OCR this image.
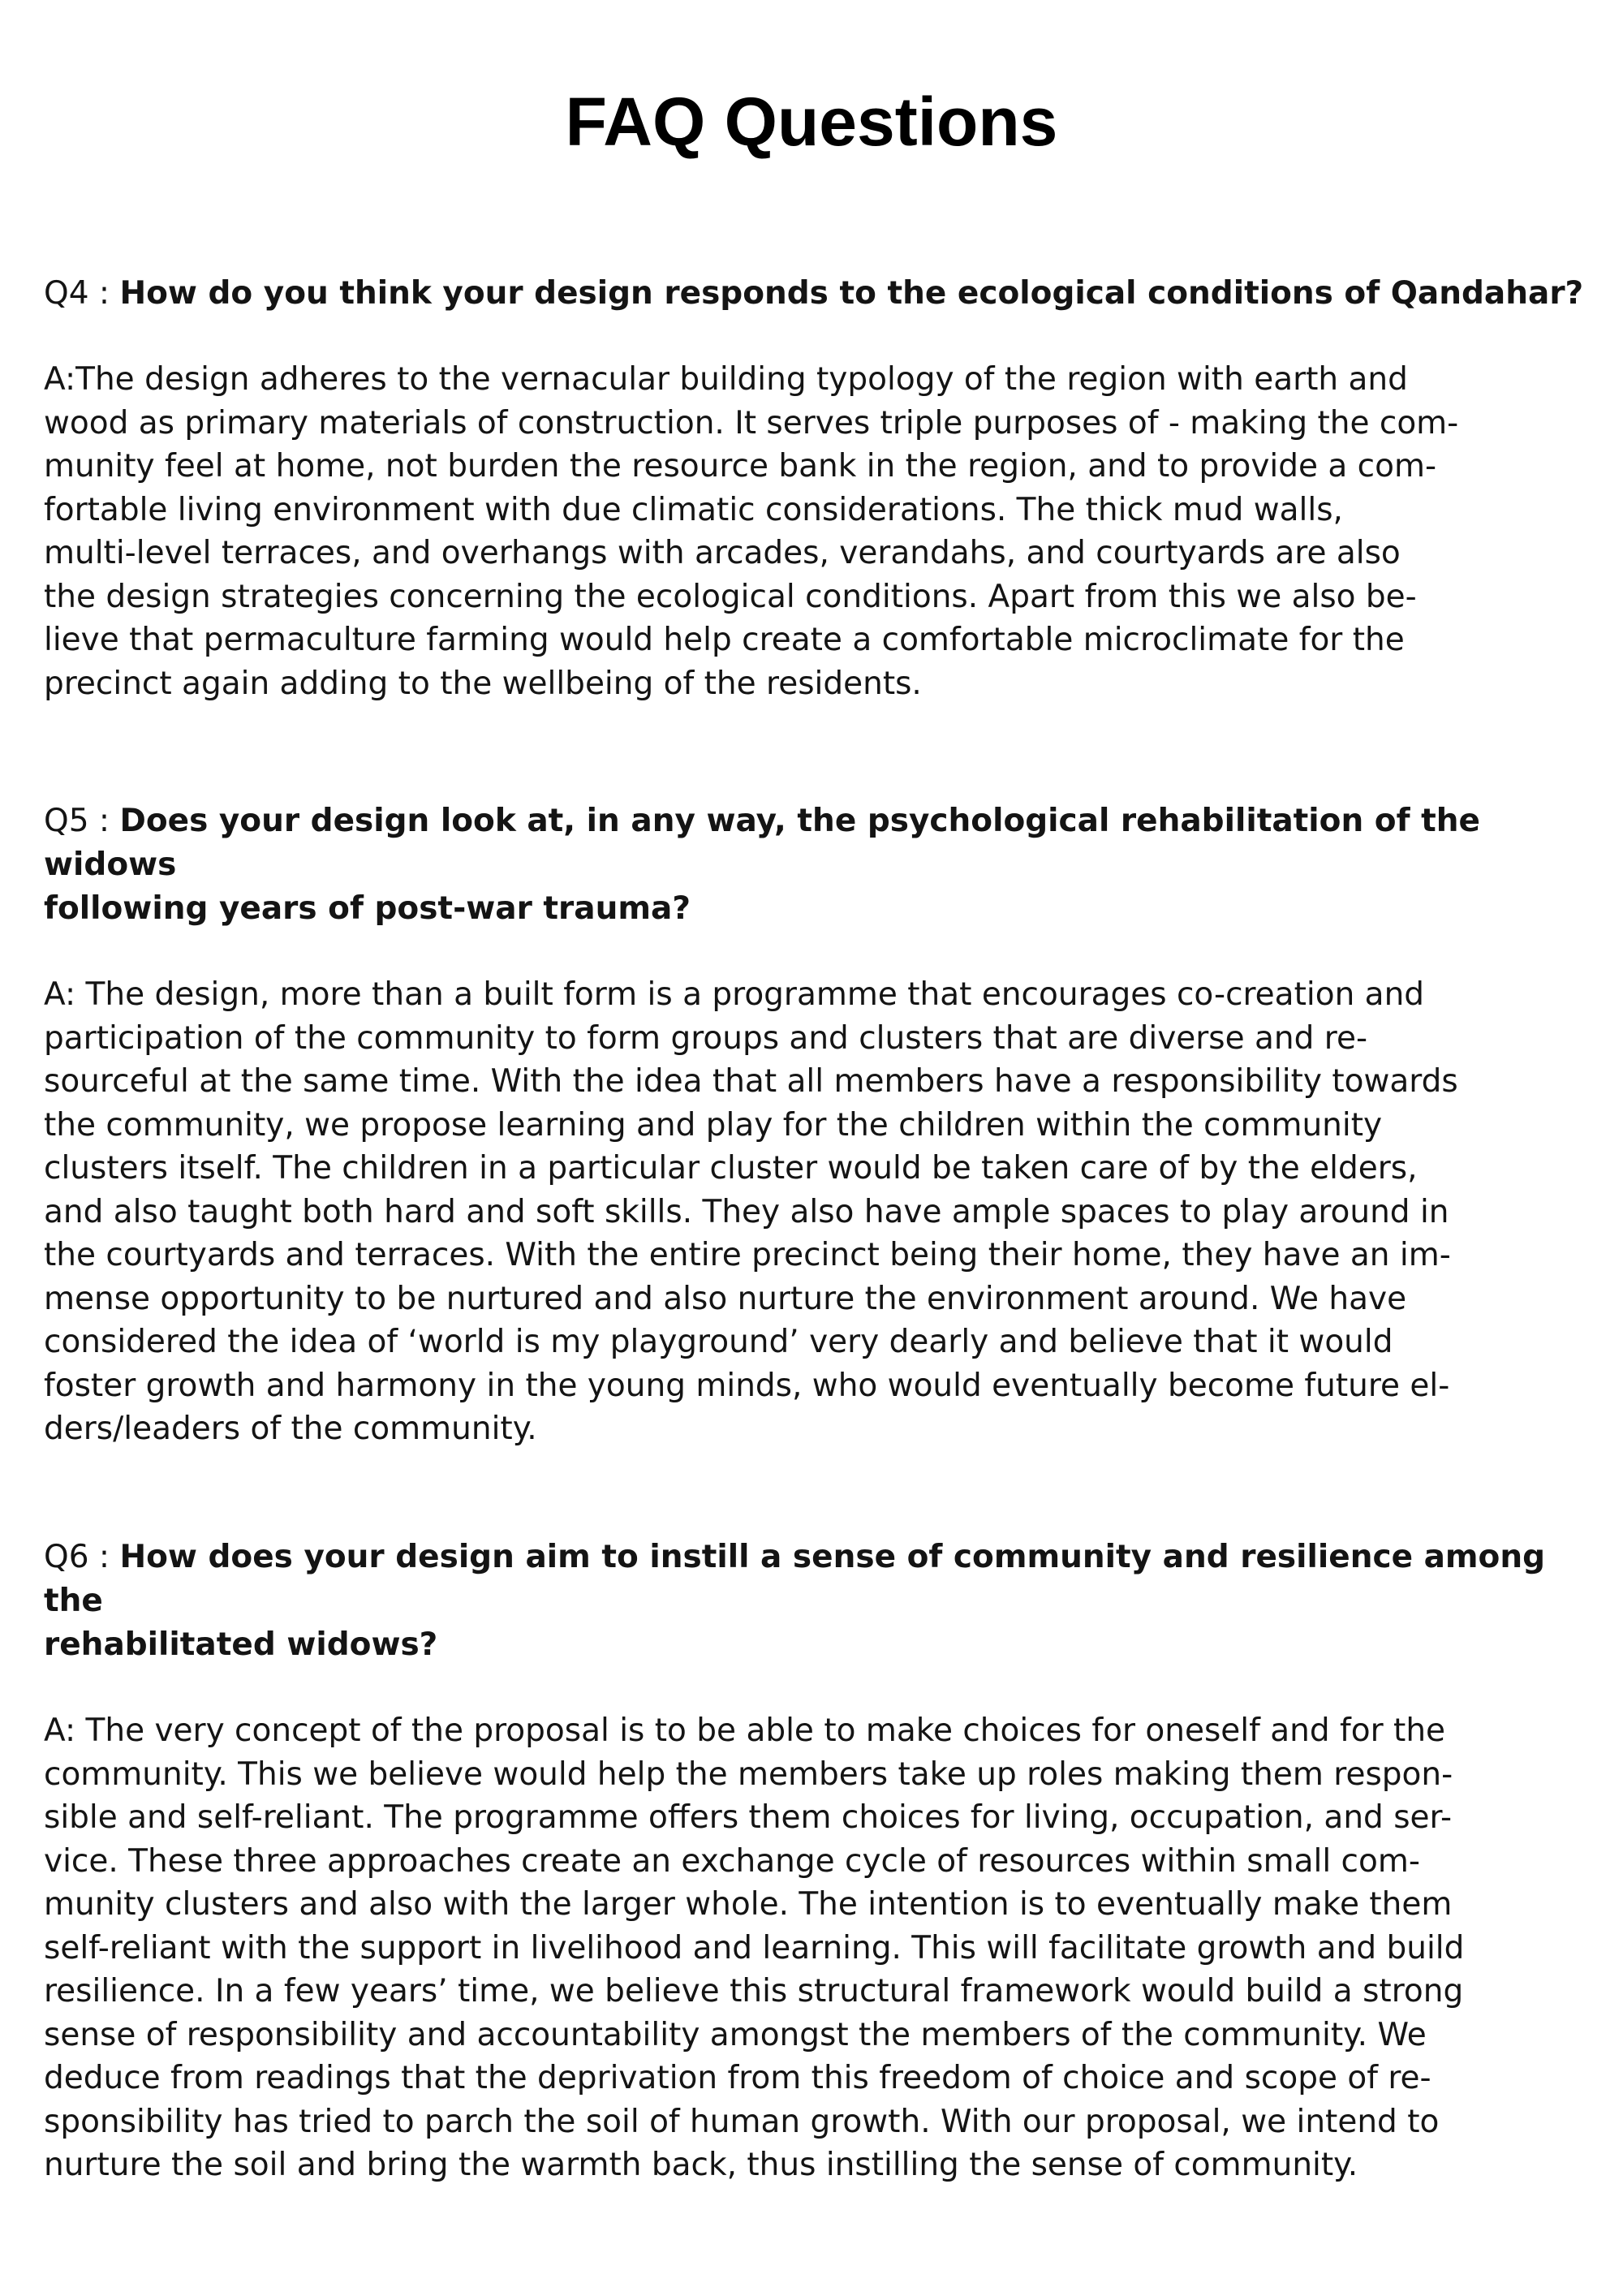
FAQ Questions

Q4 : How do you think your design responds to the ecological conditions of Qandahar?

A:The design adheres to the vernacular building typology of the region with earth and
wood as primary materials of construction. It serves triple purposes of - making the com-
munity feel at home, not burden the resource bank in the region, and to provide a com-
fortable living environment with due climatic considerations. The thick mud walls,
multi-level terraces, and overhangs with arcades, verandahs, and courtyards are also
the design strategies concerning the ecological conditions. Apart from this we also be-
lieve that permaculture farming would help create a comfortable microclimate for the
precinct again adding to the wellbeing of the residents.

Q5 : Does your design look at, in any way, the psychological rehabilitation of the widows
following years of post-war trauma?

A: The design, more than a built form is a programme that encourages co-creation and
participation of the community to form groups and clusters that are diverse and re-
sourceful at the same time. With the idea that all members have a responsibility towards
the community, we propose learning and play for the children within the community
clusters itself. The children in a particular cluster would be taken care of by the elders,
and also taught both hard and soft skills. They also have ample spaces to play around in
the courtyards and terraces. With the entire precinct being their home, they have an im-
mense opportunity to be nurtured and also nurture the environment around. We have
considered the idea of ‘world is my playground’ very dearly and believe that it would
foster growth and harmony in the young minds, who would eventually become future el-
ders/leaders of the community.

Q6 : How does your design aim to instill a sense of community and resilience among the
rehabilitated widows?

A: The very concept of the proposal is to be able to make choices for oneself and for the
community. This we believe would help the members take up roles making them respon-
sible and self-reliant. The programme offers them choices for living, occupation, and ser-
vice. These three approaches create an exchange cycle of resources within small com-
munity clusters and also with the larger whole. The intention is to eventually make them
self-reliant with the support in livelihood and learning. This will facilitate growth and build
resilience. In a few years’ time, we believe this structural framework would build a strong
sense of responsibility and accountability amongst the members of the community. We
deduce from readings that the deprivation from this freedom of choice and scope of re-
sponsibility has tried to parch the soil of human growth. With our proposal, we intend to
nurture the soil and bring the warmth back, thus instilling the sense of community.
